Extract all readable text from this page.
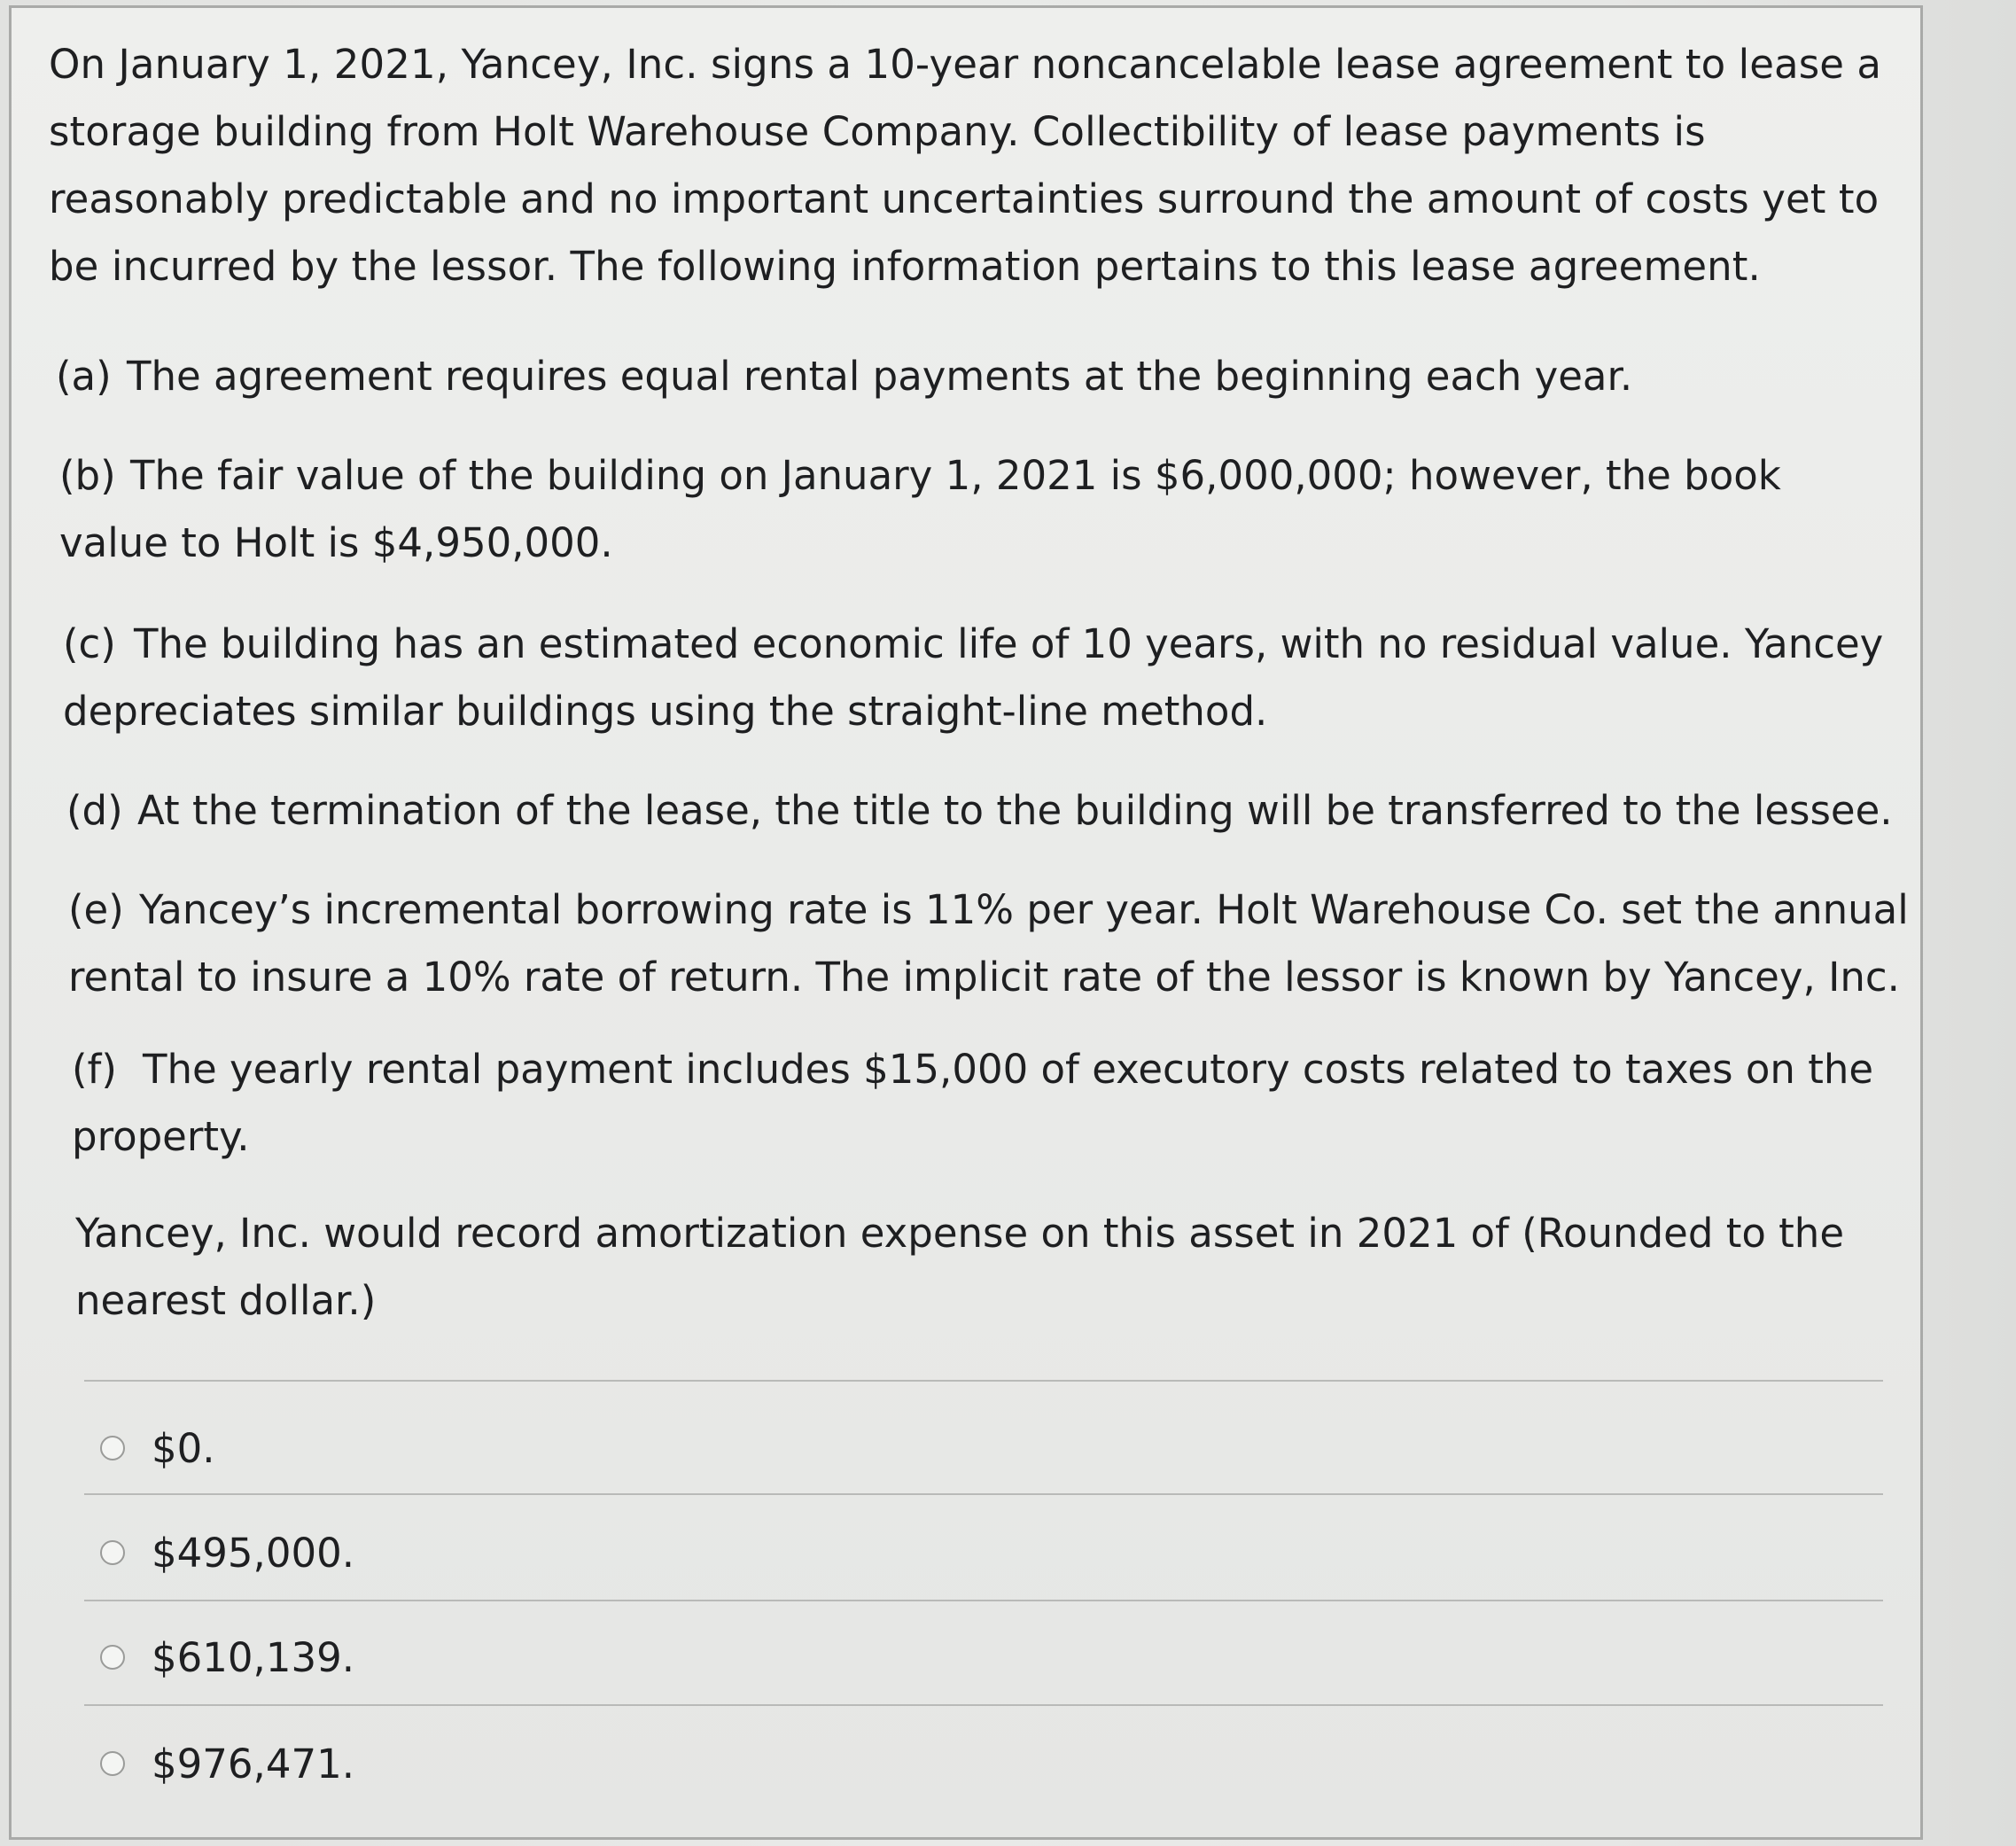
On January 1, 2021, Yancey, Inc. signs a 10-year noncancelable lease agreement to lease a storage building from Holt Warehouse Company. Collectibility of lease payments is reasonably predictable and no important uncertainties surround the amount of costs yet to be incurred by the lessor. The following information pertains to this lease agreement.

(a) The agreement requires equal rental payments at the beginning each year.

(b) The fair value of the building on January 1, 2021 is $6,000,000; however, the book value to Holt is $4,950,000.

(c) The building has an estimated economic life of 10 years, with no residual value. Yancey depreciates similar buildings using the straight-line method.

(d) At the termination of the lease, the title to the building will be transferred to the lessee.

(e) Yancey’s incremental borrowing rate is 11% per year. Holt Warehouse Co. set the annual rental to insure a 10% rate of return. The implicit rate of the lessor is known by Yancey, Inc.

(f) The yearly rental payment includes $15,000 of executory costs related to taxes on the property.

Yancey, Inc. would record amortization expense on this asset in 2021 of (Rounded to the nearest dollar.)

$0.
$495,000.
$610,139.
$976,471.
